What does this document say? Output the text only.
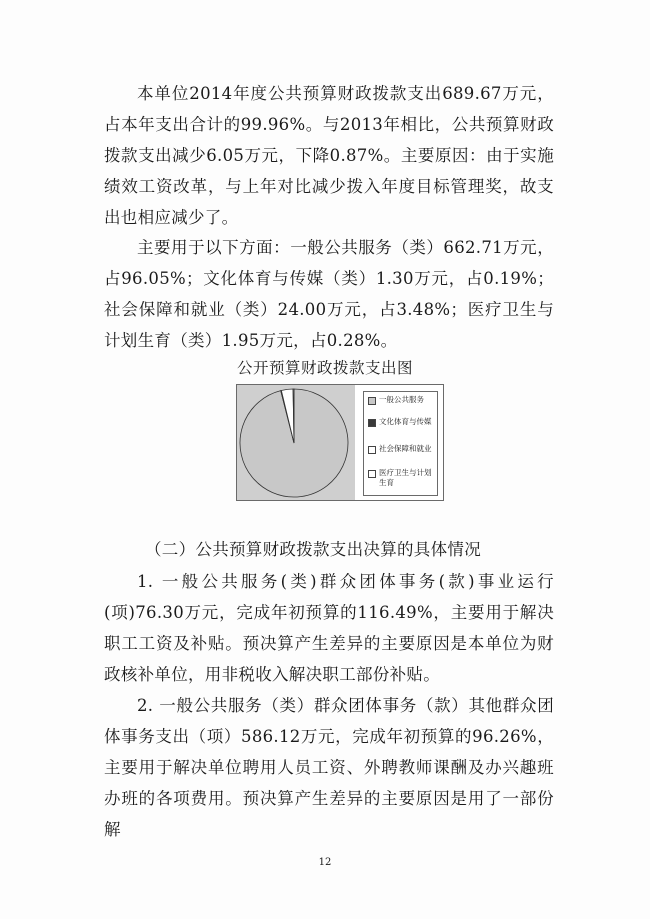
本单位2014年度公共预算财政拨款支出689.67万元，占本年支出合计的99.96%。与2013年相比，公共预算财政拨款支出减少6.05万元，下降0.87%。主要原因：由于实施绩效工资改革，与上年对比减少拨入年度目标管理奖，故支出也相应减少了。
主要用于以下方面：一般公共服务（类）662.71万元，占96.05%；文化体育与传媒（类）1.30万元，占0.19%；社会保障和就业（类）24.00万元，占3.48%；医疗卫生与计划生育（类）1.95万元，占0.28%。
公开预算财政拨款支出图
一般公共服务
文化体育与传媒
社会保障和就业
医疗卫生与计划生育
（二）公共预算财政拨款支出决算的具体情况
1. 一般公共服务(类)群众团体事务(款)事业运行(项)76.30万元，完成年初预算的116.49%，主要用于解决职工工资及补贴。预决算产生差异的主要原因是本单位为财政核补单位，用非税收入解决职工部份补贴。
2. 一般公共服务（类）群众团体事务（款）其他群众团体事务支出（项）586.12万元，完成年初预算的96.26%，主要用于解决单位聘用人员工资、外聘教师课酬及办兴趣班办班的各项费用。预决算产生差异的主要原因是用了一部份解
12
